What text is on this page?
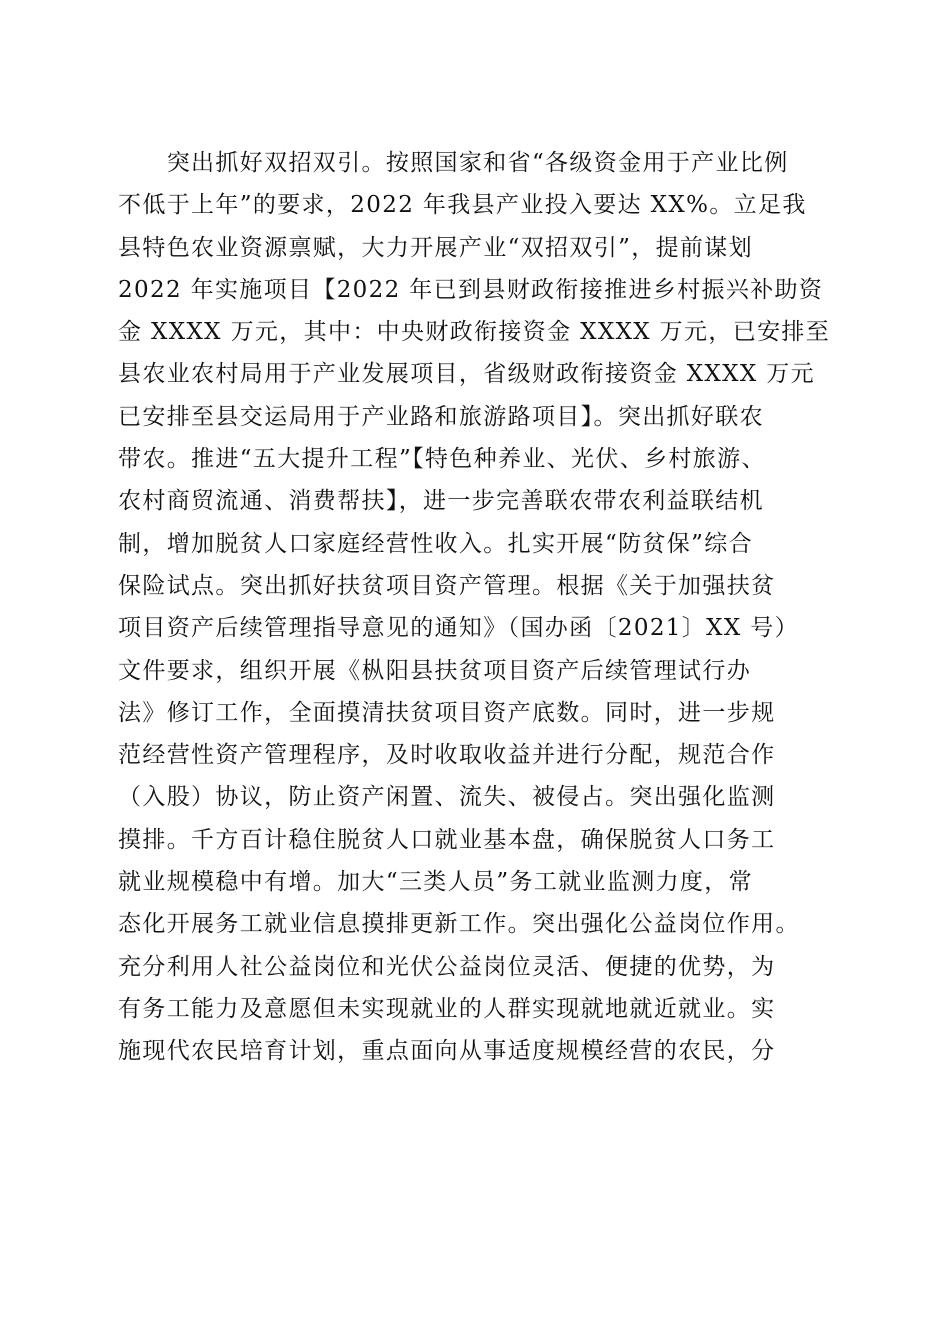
　　突出抓好双招双引。按照国家和省“各级资金用于产业比例
不低于上年”的要求，2022 年我县产业投入要达 XX%。立足我
县特色农业资源禀赋，大力开展产业“双招双引”，提前谋划
2022 年实施项目【2022 年已到县财政衔接推进乡村振兴补助资
金 XXXX 万元，其中：中央财政衔接资金 XXXX 万元，已安排至
县农业农村局用于产业发展项目，省级财政衔接资金 XXXX 万元
已安排至县交运局用于产业路和旅游路项目】。突出抓好联农
带农。推进“五大提升工程”【特色种养业、光伏、乡村旅游、
农村商贸流通、消费帮扶】，进一步完善联农带农利益联结机
制，增加脱贫人口家庭经营性收入。扎实开展“防贫保”综合
保险试点。突出抓好扶贫项目资产管理。根据《关于加强扶贫
项目资产后续管理指导意见的通知》（国办函〔2021〕XX 号）
文件要求，组织开展《枞阳县扶贫项目资产后续管理试行办
法》修订工作，全面摸清扶贫项目资产底数。同时，进一步规
范经营性资产管理程序，及时收取收益并进行分配，规范合作
（入股）协议，防止资产闲置、流失、被侵占。突出强化监测
摸排。千方百计稳住脱贫人口就业基本盘，确保脱贫人口务工
就业规模稳中有增。加大“三类人员”务工就业监测力度，常
态化开展务工就业信息摸排更新工作。突出强化公益岗位作用。
充分利用人社公益岗位和光伏公益岗位灵活、便捷的优势，为
有务工能力及意愿但未实现就业的人群实现就地就近就业。实
施现代农民培育计划，重点面向从事适度规模经营的农民，分
